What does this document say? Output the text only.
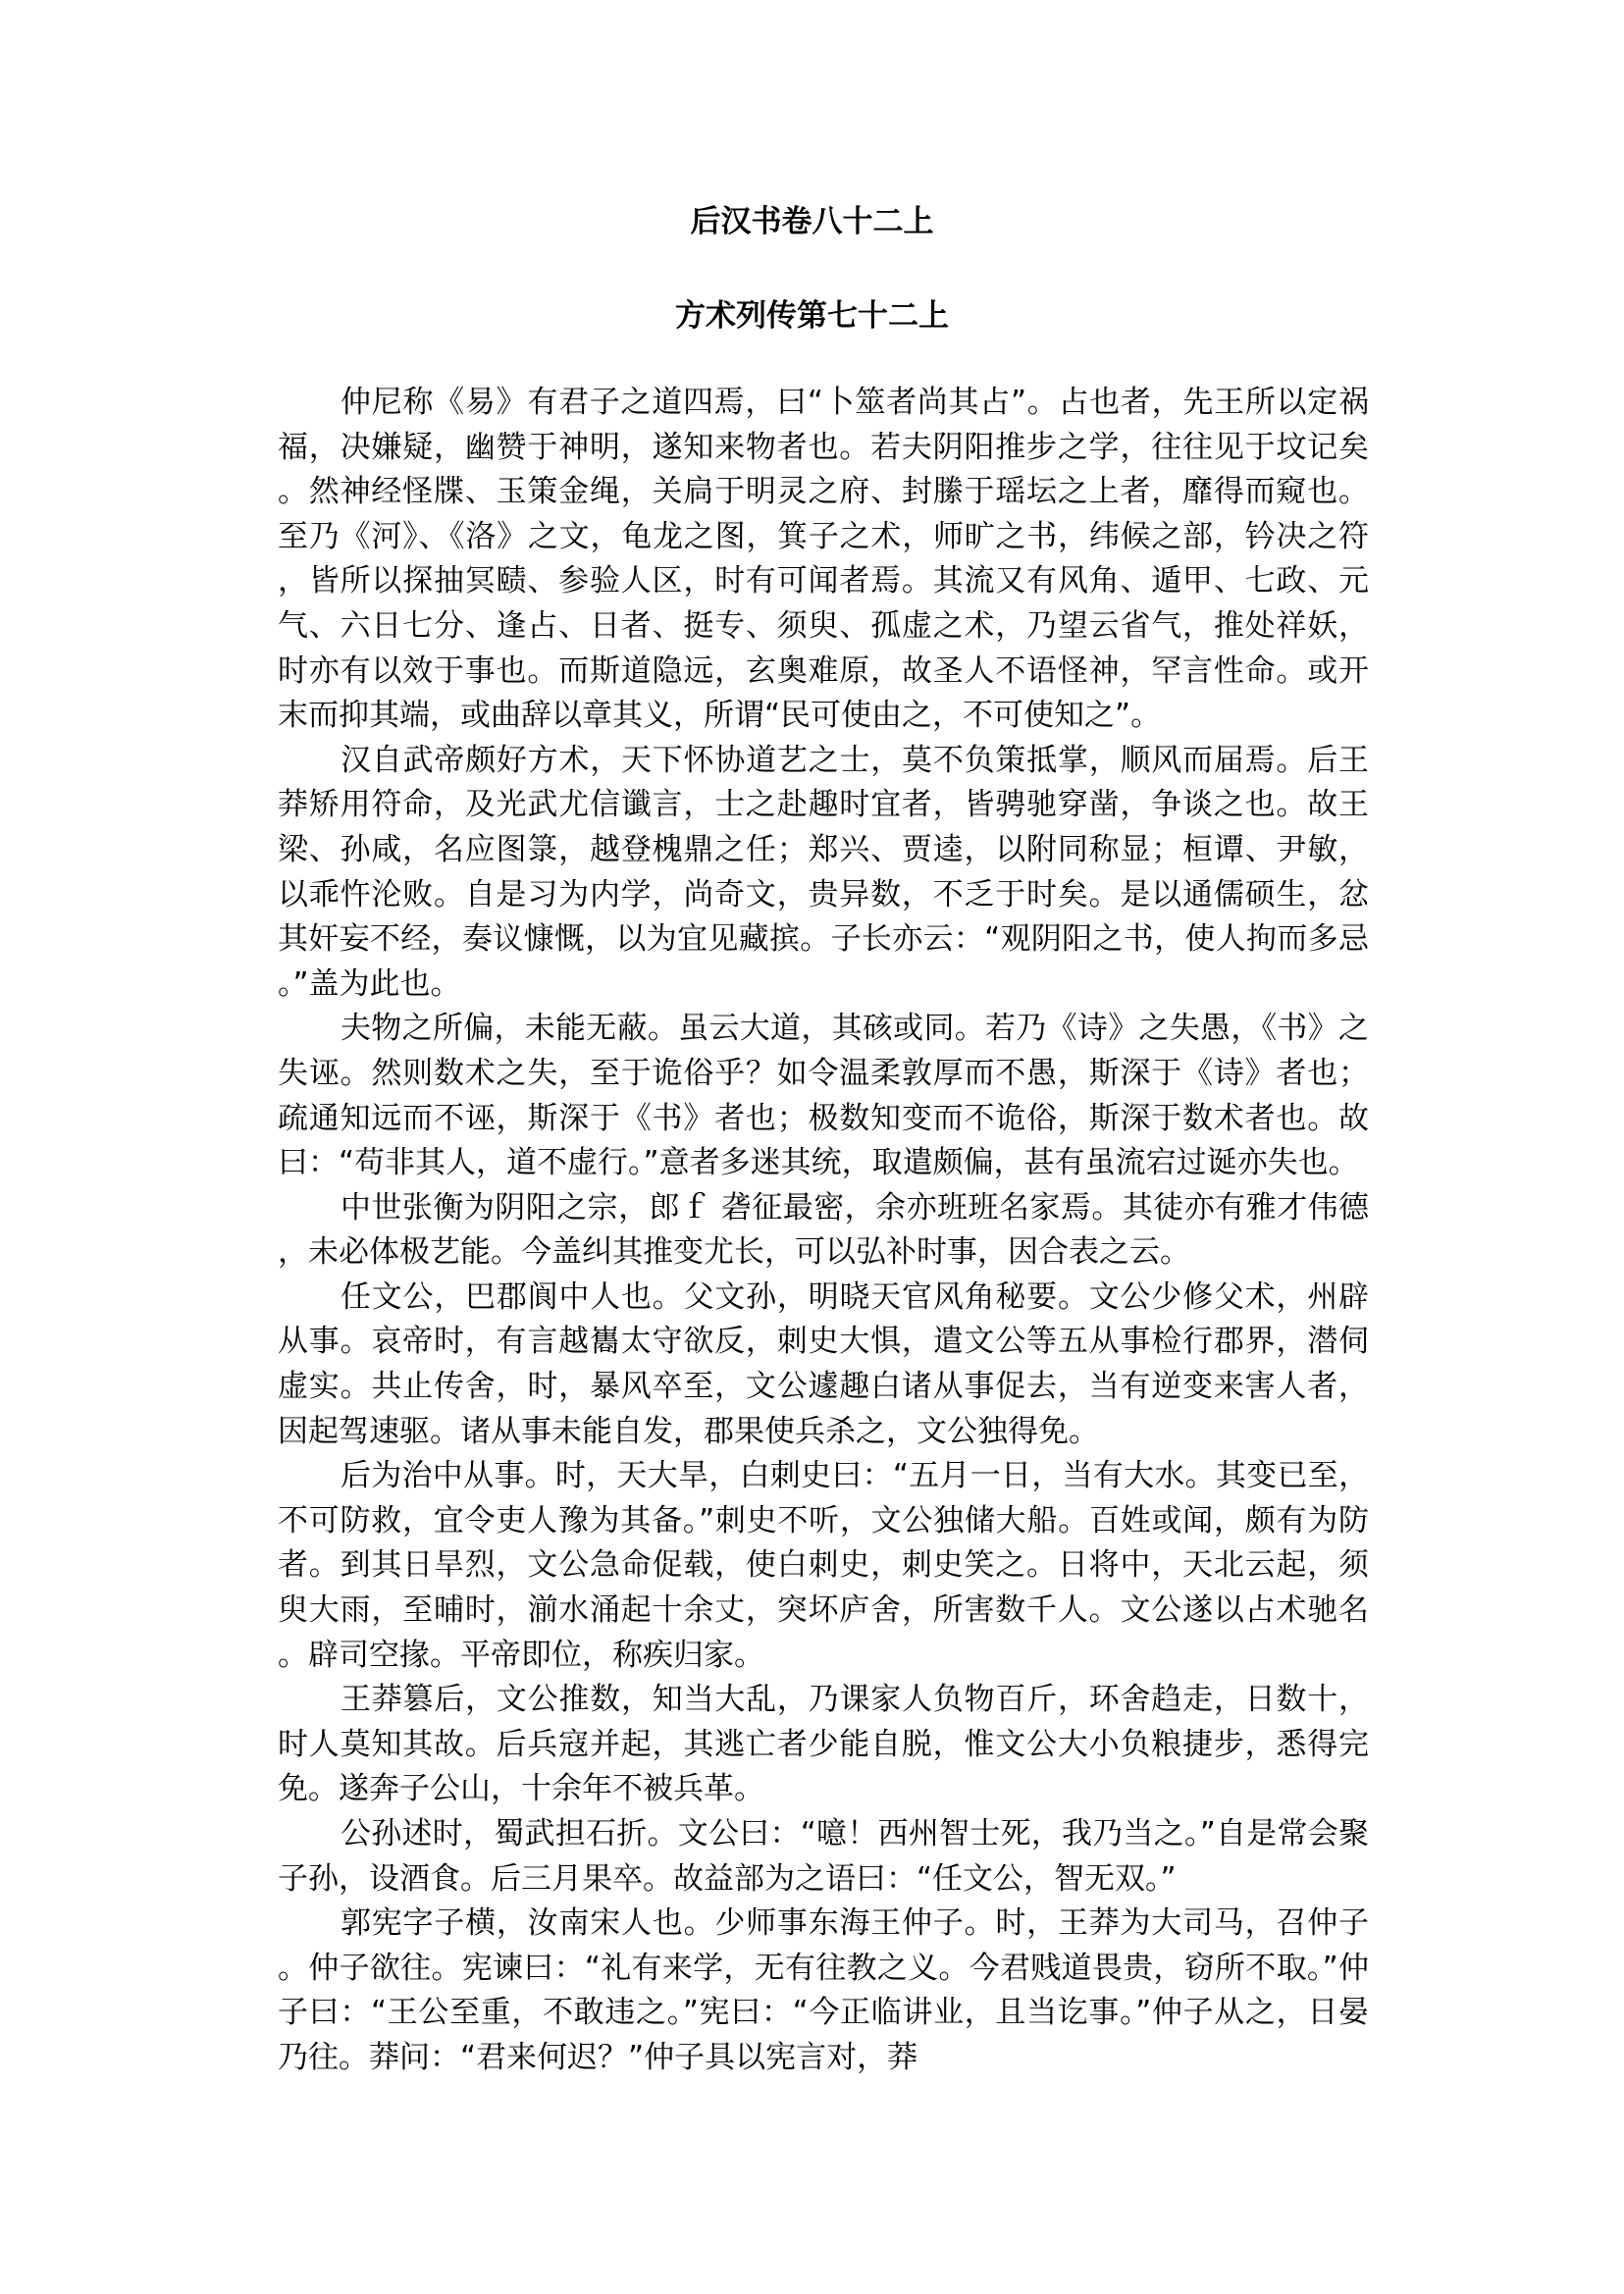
后汉书卷八十二上
方术列传第七十二上

仲尼称《易》有君子之道四焉，曰“卜筮者尚其占”。占也者，先王所以定祸福，决嫌疑，幽赞于神明，遂知来物者也。若夫阴阳推步之学，往往见于坟记矣。然神经怪牒、玉策金绳，关扃于明灵之府、封縢于瑶坛之上者，靡得而窥也。至乃《河》、《洛》之文，龟龙之图，箕子之术，师旷之书，纬候之部，钤决之符，皆所以探抽冥赜、参验人区，时有可闻者焉。其流又有风角、遁甲、七政、元气、六日七分、逢占、日者、挺专、须臾、孤虚之术，乃望云省气，推处祥妖，时亦有以效于事也。而斯道隐远，玄奥难原，故圣人不语怪神，罕言性命。或开末而抑其端，或曲辞以章其义，所谓“民可使由之，不可使知之”。

汉自武帝颇好方术，天下怀协道艺之士，莫不负策抵掌，顺风而届焉。后王莽矫用符命，及光武尤信谶言，士之赴趣时宜者，皆骋驰穿凿，争谈之也。故王梁、孙咸，名应图箓，越登槐鼎之任；郑兴、贾逵，以附同称显；桓谭、尹敏，以乖忤沦败。自是习为内学，尚奇文，贵异数，不乏于时矣。是以通儒硕生，忿其奸妄不经，奏议慷慨，以为宜见藏摈。子长亦云：“观阴阳之书，使人拘而多忌。”盖为此也。

夫物之所偏，未能无蔽。虽云大道，其硋或同。若乃《诗》之失愚，《书》之失诬。然则数术之失，至于诡俗乎？如令温柔敦厚而不愚，斯深于《诗》者也；疏通知远而不诬，斯深于《书》者也；极数知变而不诡俗，斯深于数术者也。故曰：“苟非其人，道不虚行。”意者多迷其统，取遣颇偏，甚有虽流宕过诞亦失也。

中世张衡为阴阳之宗，郎ｆ 砻征最密，余亦班班名家焉。其徒亦有雅才伟德，未必体极艺能。今盖纠其推变尤长，可以弘补时事，因合表之云。

任文公，巴郡阆中人也。父文孙，明晓天官风角秘要。文公少修父术，州辟从事。哀帝时，有言越巂太守欲反，刺史大惧，遣文公等五从事检行郡界，潜伺虚实。共止传舍，时，暴风卒至，文公遽趣白诸从事促去，当有逆变来害人者，因起驾速驱。诸从事未能自发，郡果使兵杀之，文公独得免。

后为治中从事。时，天大旱，白刺史曰：“五月一日，当有大水。其变已至，不可防救，宜令吏人豫为其备。”刺史不听，文公独储大船。百姓或闻，颇有为防者。到其日旱烈，文公急命促载，使白刺史，刺史笑之。日将中，天北云起，须臾大雨，至晡时，湔水涌起十余丈，突坏庐舍，所害数千人。文公遂以占术驰名。辟司空掾。平帝即位，称疾归家。

王莽篡后，文公推数，知当大乱，乃课家人负物百斤，环舍趋走，日数十，时人莫知其故。后兵寇并起，其逃亡者少能自脱，惟文公大小负粮捷步，悉得完免。遂奔子公山，十余年不被兵革。

公孙述时，蜀武担石折。文公曰：“噫！西州智士死，我乃当之。”自是常会聚子孙，设酒食。后三月果卒。故益部为之语曰：“任文公，智无双。”

郭宪字子横，汝南宋人也。少师事东海王仲子。时，王莽为大司马，召仲子。仲子欲往。宪谏曰：“礼有来学，无有往教之义。今君贱道畏贵，窃所不取。”仲子曰：“王公至重，不敢违之。”宪曰：“今正临讲业，且当讫事。”仲子从之，日晏乃往。莽问：“君来何迟？”仲子具以宪言对，莽
